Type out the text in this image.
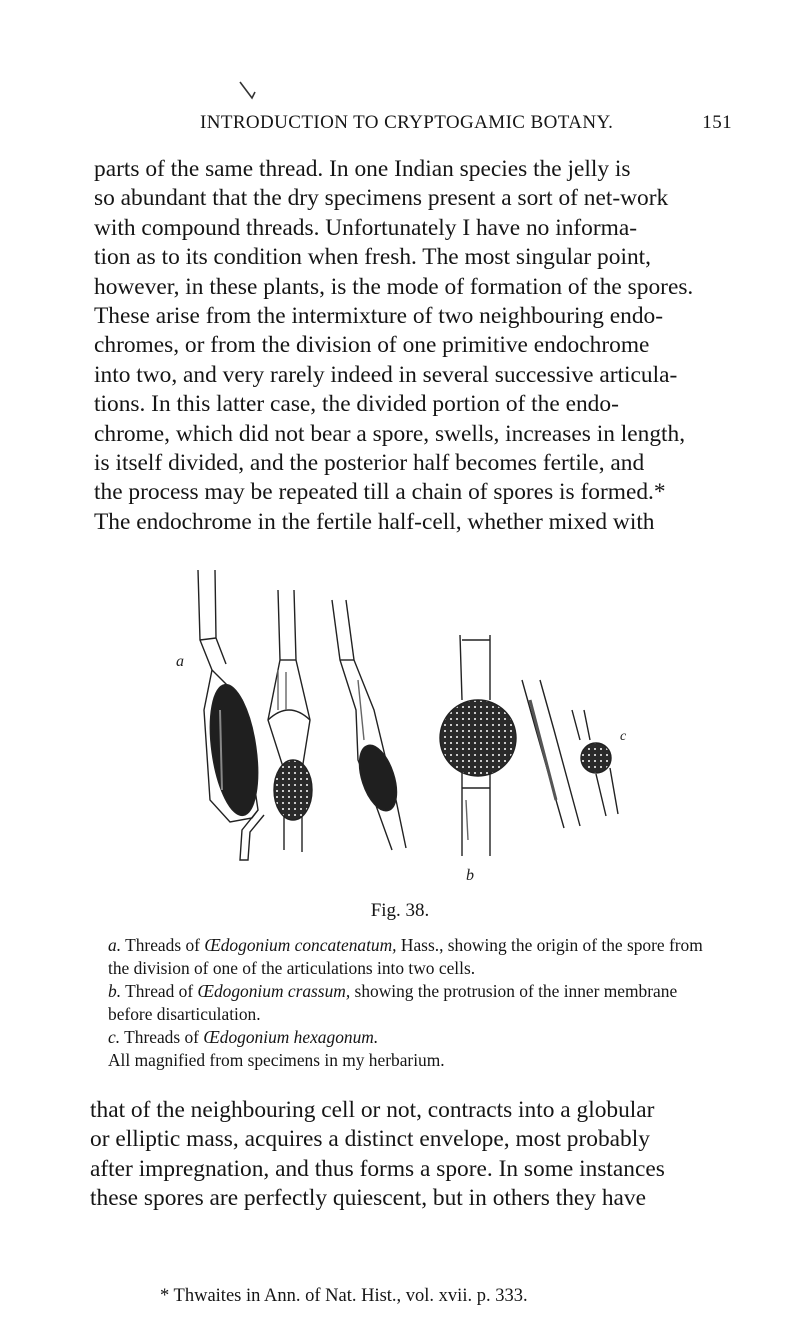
INTRODUCTION TO CRYPTOGAMIC BOTANY.	151
parts of the same thread. In one Indian species the jelly is
so abundant that the dry specimens present a sort of net-work
with compound threads. Unfortunately I have no informa-
tion as to its condition when fresh. The most singular point,
however, in these plants, is the mode of formation of the spores.
These arise from the intermixture of two neighbouring endo-
chromes, or from the division of one primitive endochrome
into two, and very rarely indeed in several successive articula-
tions. In this latter case, the divided portion of the endo-
chrome, which did not bear a spore, swells, increases in length,
is itself divided, and the posterior half becomes fertile, and
the process may be repeated till a chain of spores is formed.*
The endochrome in the fertile half-cell, whether mixed with
a
b
c
Fig. 38.

a. Threads of Œdogonium concatenatum, Hass., showing the origin of the spore from the division of one of the articulations into two cells.

b. Thread of Œdogonium crassum, showing the protrusion of the inner membrane before disarticulation.

c. Threads of Œdogonium hexagonum.

All magnified from specimens in my herbarium.

that of the neighbouring cell or not, contracts into a globular
or elliptic mass, acquires a distinct envelope, most probably
after impregnation, and thus forms a spore. In some instances
these spores are perfectly quiescent, but in others they have
* Thwaites in Ann. of Nat. Hist., vol. xvii. p. 333.
